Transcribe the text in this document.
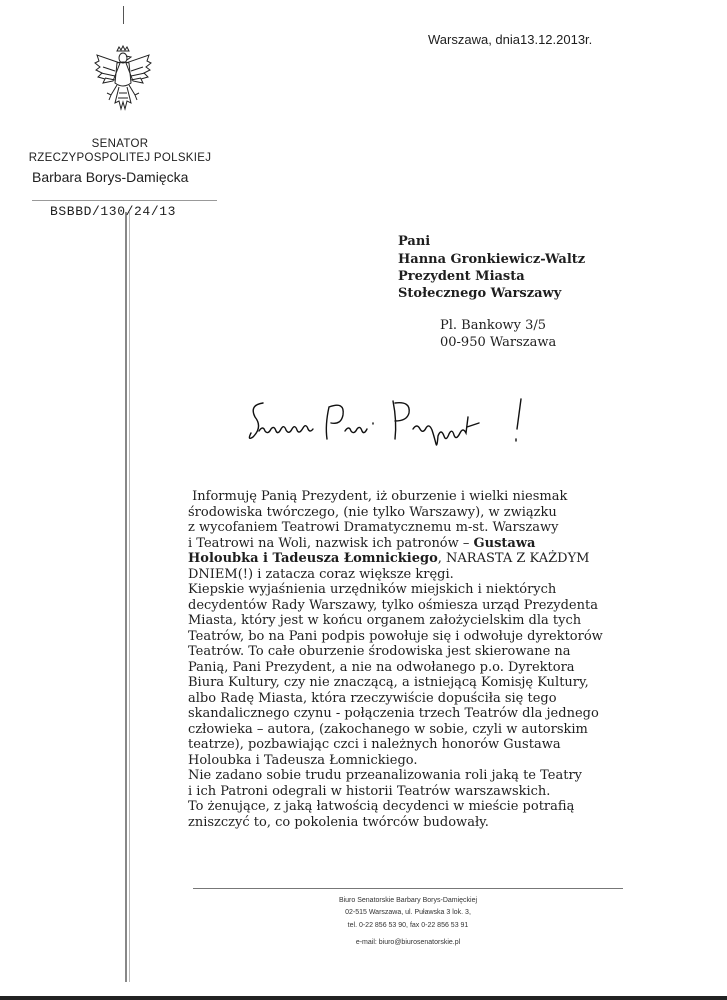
Warszawa, dnia13.12.2013r.
SENATOR
RZECZYPOSPOLITEJ POLSKIEJ
Barbara Borys-Damięcka
BSBBD/130/24/13
Pani
Hanna Gronkiewicz-Waltz
Prezydent Miasta
Stołecznego Warszawy
Pl. Bankowy 3/5
00-950 Warszawa
Informuję Panią Prezydent, iż oburzenie i wielki niesmak
środowiska twórczego, (nie tylko Warszawy), w związku
z wycofaniem Teatrowi Dramatycznemu m-st. Warszawy
i Teatrowi na Woli, nazwisk ich patronów – Gustawa
Holoubka i Tadeusza Łomnickiego, NARASTA Z KAŻDYM
DNIEM(!) i zatacza coraz większe kręgi.
Kiepskie wyjaśnienia urzędników miejskich i niektórych
decydentów Rady Warszawy, tylko ośmiesza urząd Prezydenta
Miasta, który jest w końcu organem założycielskim dla tych
Teatrów, bo na Pani podpis powołuje się i odwołuje dyrektorów
Teatrów. To całe oburzenie środowiska jest skierowane na
Panią, Pani Prezydent, a nie na odwołanego p.o. Dyrektora
Biura Kultury, czy nie znaczącą, a istniejącą Komisję Kultury,
albo Radę Miasta, która rzeczywiście dopuściła się tego
skandalicznego czynu - połączenia trzech Teatrów dla jednego
człowieka – autora, (zakochanego w sobie, czyli w autorskim
teatrze), pozbawiając czci i należnych honorów Gustawa
Holoubka i Tadeusza Łomnickiego.
Nie zadano sobie trudu przeanalizowania roli jaką te Teatry
i ich Patroni odegrali w historii Teatrów warszawskich.
To żenujące, z jaką łatwością decydenci w mieście potrafią
zniszczyć to, co pokolenia twórców budowały.
Biuro Senatorskie Barbary Borys-Damięckiej
02-515 Warszawa, ul. Puławska 3 lok. 3,
tel. 0-22 856 53 90, fax 0-22 856 53 91
e-mail: biuro@biurosenatorskie.pl
